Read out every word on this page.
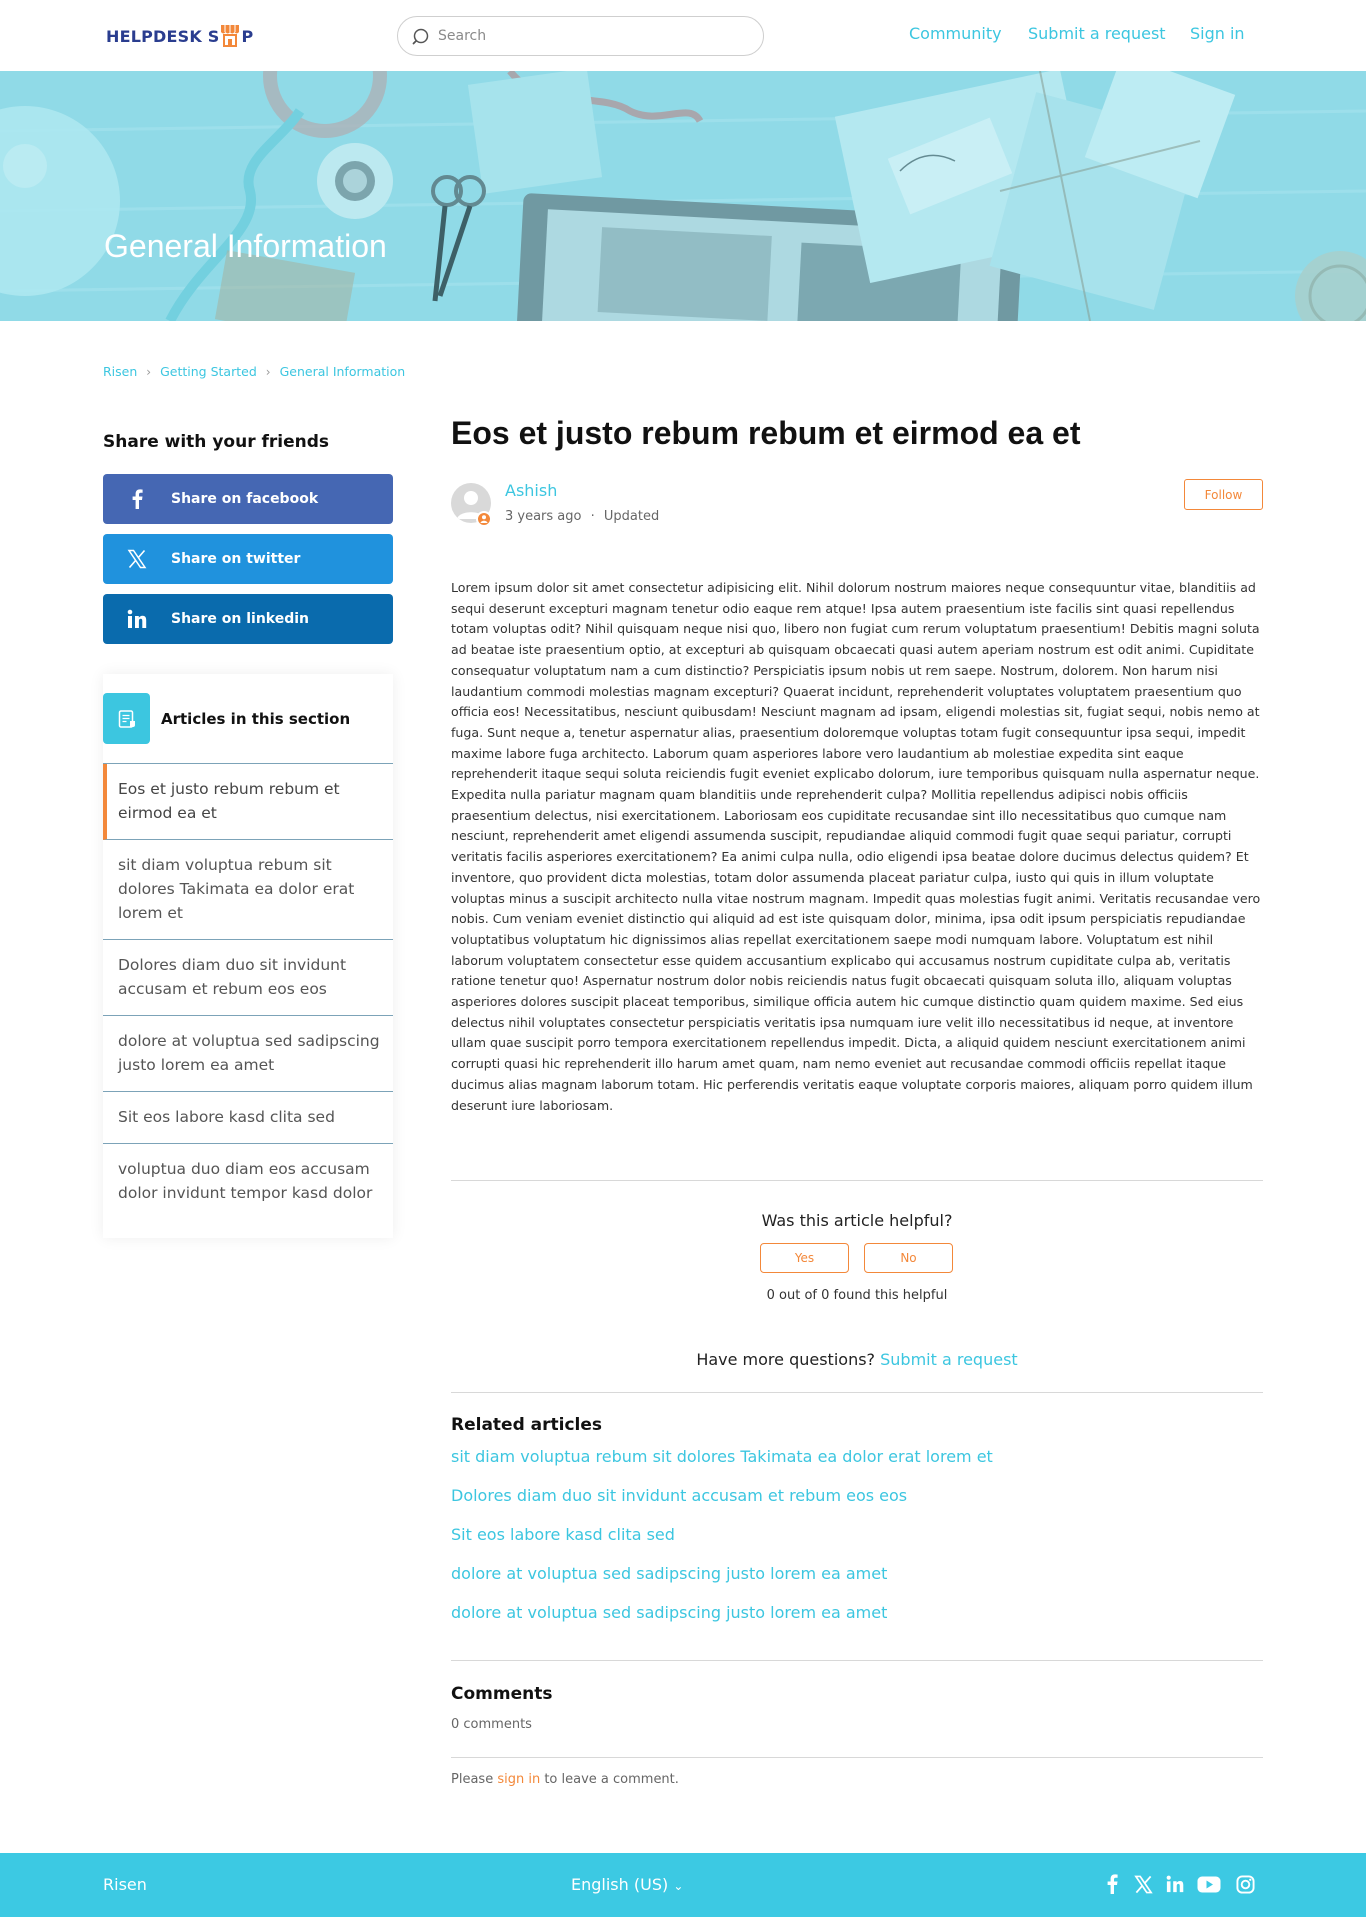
HELPDESK S P
Search	Community Submit a request Sign in
General Information
Risen › Getting Started › General Information
Share with your friends
Share on facebook
Share on twitter
Share on linkedin
Articles in this section
Eos et justo rebum rebum et eirmod ea et
sit diam voluptua rebum sit dolores Takimata ea dolor erat lorem et
Dolores diam duo sit invidunt accusam et rebum eos eos
dolore at voluptua sed sadipscing justo lorem ea amet
Sit eos labore kasd clita sed
voluptua duo diam eos accusam dolor invidunt tempor kasd dolor
Eos et justo rebum rebum et eirmod ea et
Ashish
3 years ago · Updated
Follow
Lorem ipsum dolor sit amet consectetur adipisicing elit. Nihil dolorum nostrum maiores neque consequuntur vitae, blanditiis ad sequi deserunt excepturi magnam tenetur odio eaque rem atque! Ipsa autem praesentium iste facilis sint quasi repellendus totam voluptas odit? Nihil quisquam neque nisi quo, libero non fugiat cum rerum voluptatum praesentium! Debitis magni soluta ad beatae iste praesentium optio, at excepturi ab quisquam obcaecati quasi autem aperiam nostrum est odit animi. Cupiditate consequatur voluptatum nam a cum distinctio? Perspiciatis ipsum nobis ut rem saepe. Nostrum, dolorem. Non harum nisi laudantium commodi molestias magnam excepturi? Quaerat incidunt, reprehenderit voluptates voluptatem praesentium quo officia eos! Necessitatibus, nesciunt quibusdam! Nesciunt magnam ad ipsam, eligendi molestias sit, fugiat sequi, nobis nemo at fuga. Sunt neque a, tenetur aspernatur alias, praesentium doloremque voluptas totam fugit consequuntur ipsa sequi, impedit maxime labore fuga architecto. Laborum quam asperiores labore vero laudantium ab molestiae expedita sint eaque reprehenderit itaque sequi soluta reiciendis fugit eveniet explicabo dolorum, iure temporibus quisquam nulla aspernatur neque. Expedita nulla pariatur magnam quam blanditiis unde reprehenderit culpa? Mollitia repellendus adipisci nobis officiis praesentium delectus, nisi exercitationem. Laboriosam eos cupiditate recusandae sint illo necessitatibus quo cumque nam nesciunt, reprehenderit amet eligendi assumenda suscipit, repudiandae aliquid commodi fugit quae sequi pariatur, corrupti veritatis facilis asperiores exercitationem? Ea animi culpa nulla, odio eligendi ipsa beatae dolore ducimus delectus quidem? Et inventore, quo provident dicta molestias, totam dolor assumenda placeat pariatur culpa, iusto qui quis in illum voluptate voluptas minus a suscipit architecto nulla vitae nostrum magnam. Impedit quas molestias fugit animi. Veritatis recusandae vero nobis. Cum veniam eveniet distinctio qui aliquid ad est iste quisquam dolor, minima, ipsa odit ipsum perspiciatis repudiandae voluptatibus voluptatum hic dignissimos alias repellat exercitationem saepe modi numquam labore. Voluptatum est nihil laborum voluptatem consectetur esse quidem accusantium explicabo qui accusamus nostrum cupiditate culpa ab, veritatis ratione tenetur quo! Aspernatur nostrum dolor nobis reiciendis natus fugit obcaecati quisquam soluta illo, aliquam voluptas asperiores dolores suscipit placeat temporibus, similique officia autem hic cumque distinctio quam quidem maxime. Sed eius delectus nihil voluptates consectetur perspiciatis veritatis ipsa numquam iure velit illo necessitatibus id neque, at inventore ullam quae suscipit porro tempora exercitationem repellendus impedit. Dicta, a aliquid quidem nesciunt exercitationem animi corrupti quasi hic reprehenderit illo harum amet quam, nam nemo eveniet aut recusandae commodi officiis repellat itaque ducimus alias magnam laborum totam. Hic perferendis veritatis eaque voluptate corporis maiores, aliquam porro quidem illum deserunt iure laboriosam.
Was this article helpful?
Yes	No
0 out of 0 found this helpful
Have more questions? Submit a request
Related articles
sit diam voluptua rebum sit dolores Takimata ea dolor erat lorem et
Dolores diam duo sit invidunt accusam et rebum eos eos
Sit eos labore kasd clita sed
dolore at voluptua sed sadipscing justo lorem ea amet
dolore at voluptua sed sadipscing justo lorem ea amet
Comments
0 comments
Please sign in to leave a comment.
Risen	English (US) ⌄
